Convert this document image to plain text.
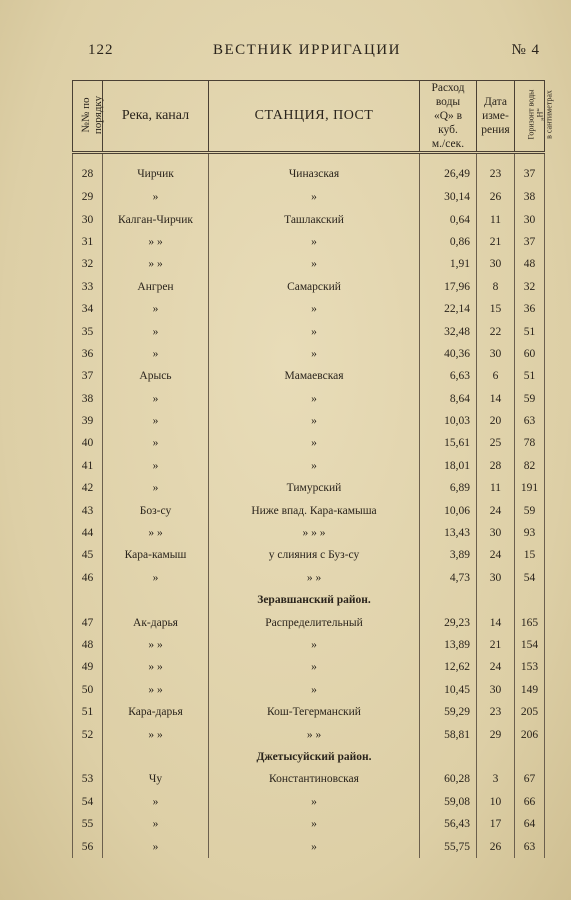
122	ВЕСТНИК ИРРИГАЦИИ	№ 4
№№ по
порядку	Река, канал	СТАНЦИЯ, ПОСТ	Расход
воды
«Q» в
куб.
м./сек.	Дата
изме-
рения	Горизонт воды
„Н“
в сантиметрах
28	Чирчик	Чиназская	26,49	23	37
29	»	»	30,14	26	38
30	Калган-Чирчик	Ташлакский	0,64	11	30
31	» »	»	0,86	21	37
32	» »	»	1,91	30	48
33	Ангрен	Самарский	17,96	8	32
34	»	»	22,14	15	36
35	»	»	32,48	22	51
36	»	»	40,36	30	60
37	Арысь	Мамаевская	6,63	6	51
38	»	»	8,64	14	59
39	»	»	10,03	20	63
40	»	»	15,61	25	78
41	»	»	18,01	28	82
42	»	Тимурский	6,89	11	191
43	Боз-су	Ниже впад. Кара-камыша	10,06	24	59
44	» »	» » »	13,43	30	93
45	Кара-камыш	у слияния с Буз-су	3,89	24	15
46	»	» »	4,73	30	54
		Зеравшанский район.			
47	Ак-дарья	Распределительный	29,23	14	165
48	» »	»	13,89	21	154
49	» »	»	12,62	24	153
50	» »	»	10,45	30	149
51	Кара-дарья	Кош-Тегерманский	59,29	23	205
52	» »	» »	58,81	29	206
		Джетысуйский район.			
53	Чу	Константиновская	60,28	3	67
54	»	»	59,08	10	66
55	»	»	56,43	17	64
56	»	»	55,75	26	63
